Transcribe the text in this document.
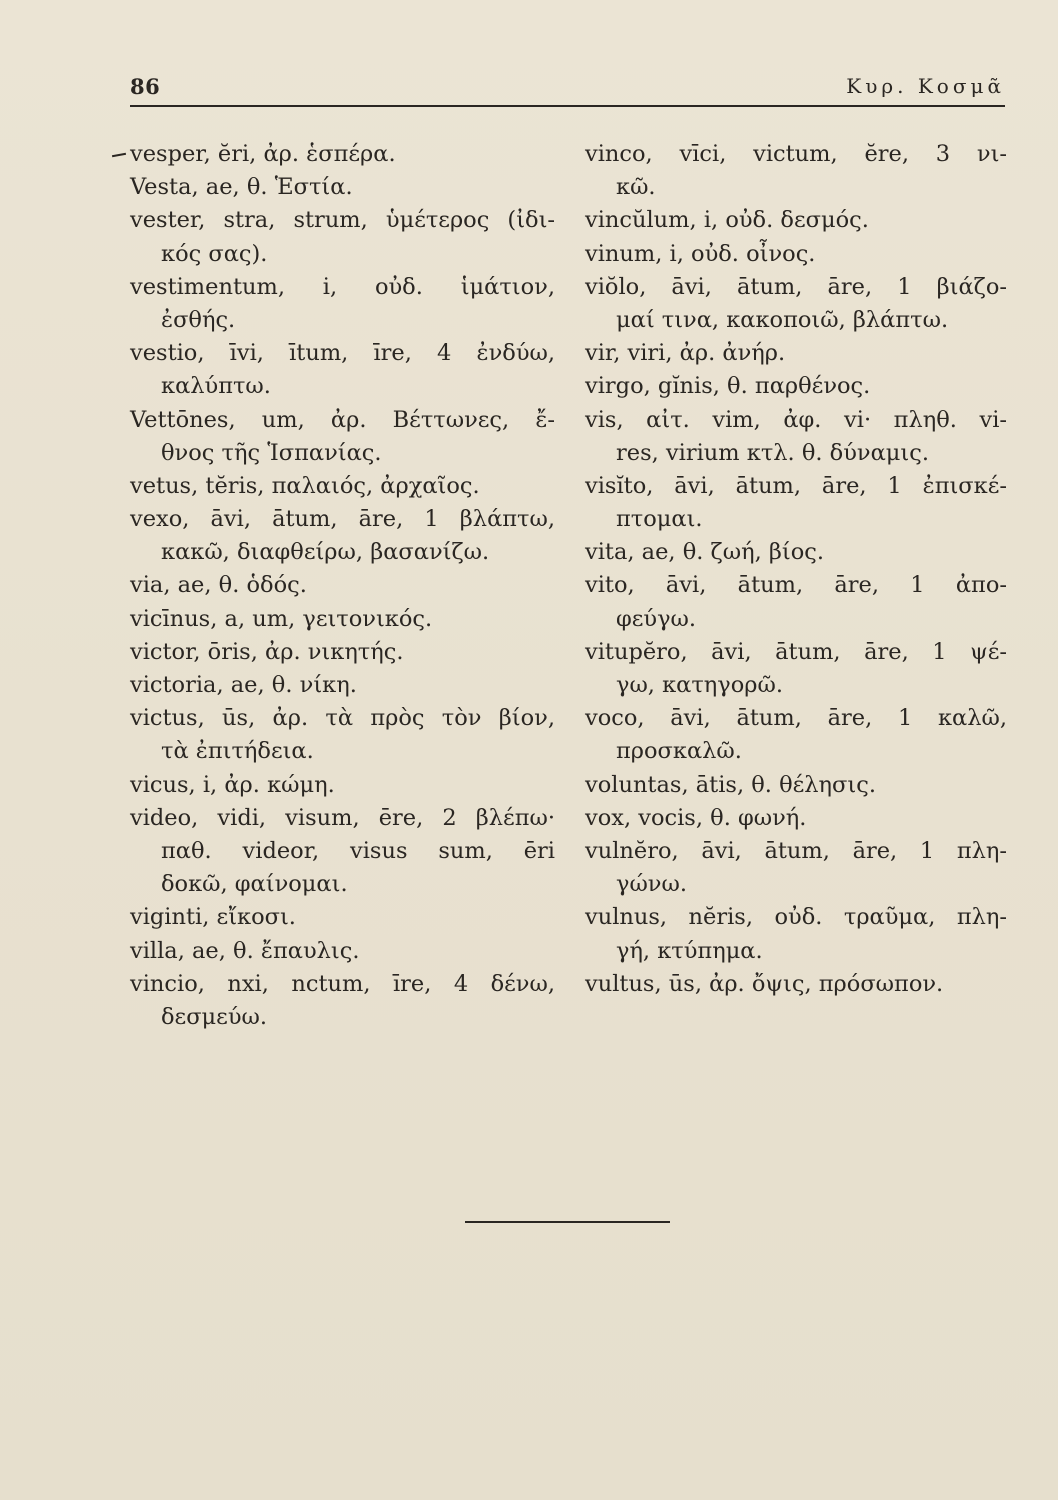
86	Κυρ. Κοσμᾶ
vesper, ĕri, ἀρ. ἑσπέρα.
Vesta, ae, θ. Ἑστία.
vester, stra, strum, ὑμέτερος (ἰδι-
κός σας).
vestimentum, i, οὐδ. ἱμάτιον,
ἐσθής.
vestio, īvi, ītum, īre, 4 ἐνδύω,
καλύπτω.
Vettōnes, um, ἀρ. Βέττωνες, ἔ-
θνος τῆς Ἱσπανίας.
vetus, tĕris, παλαιός, ἀρχαῖος.
vexo, āvi, ātum, āre, 1 βλάπτω,
κακῶ, διαφθείρω, βασανίζω.
via, ae, θ. ὁδός.
vicīnus, a, um, γειτονικός.
victor, ōris, ἀρ. νικητής.
victoria, ae, θ. νίκη.
victus, ūs, ἀρ. τὰ πρὸς τὸν βίον,
τὰ ἐπιτήδεια.
vicus, i, ἀρ. κώμη.
video, vidi, visum, ēre, 2 βλέπω·
παθ. videor, visus sum, ēri
δοκῶ, φαίνομαι.
viginti, εἴκοσι.
villa, ae, θ. ἔπαυλις.
vincio, nxi, nctum, īre, 4 δένω,
δεσμεύω.
vinco, vīci, victum, ĕre, 3 νι-
κῶ.
vincŭlum, i, οὐδ. δεσμός.
vinum, i, οὐδ. οἶνος.
viŏlo, āvi, ātum, āre, 1 βιάζο-
μαί τινα, κακοποιῶ, βλάπτω.
vir, viri, ἀρ. ἀνήρ.
virgo, gĭnis, θ. παρθένος.
vis, αἰτ. vim, ἀφ. vi· πληθ. vi-
res, virium κτλ. θ. δύναμις.
visĭto, āvi, ātum, āre, 1 ἐπισκέ-
πτομαι.
vita, ae, θ. ζωή, βίος.
vito, āvi, ātum, āre, 1 ἀπο-
φεύγω.
vitupĕro, āvi, ātum, āre, 1 ψέ-
γω, κατηγορῶ.
voco, āvi, ātum, āre, 1 καλῶ,
προσκαλῶ.
voluntas, ātis, θ. θέλησις.
vox, vocis, θ. φωνή.
vulnĕro, āvi, ātum, āre, 1 πλη-
γώνω.
vulnus, nĕris, οὐδ. τραῦμα, πλη-
γή, κτύπημα.
vultus, ūs, ἀρ. ὄψις, πρόσωπον.
